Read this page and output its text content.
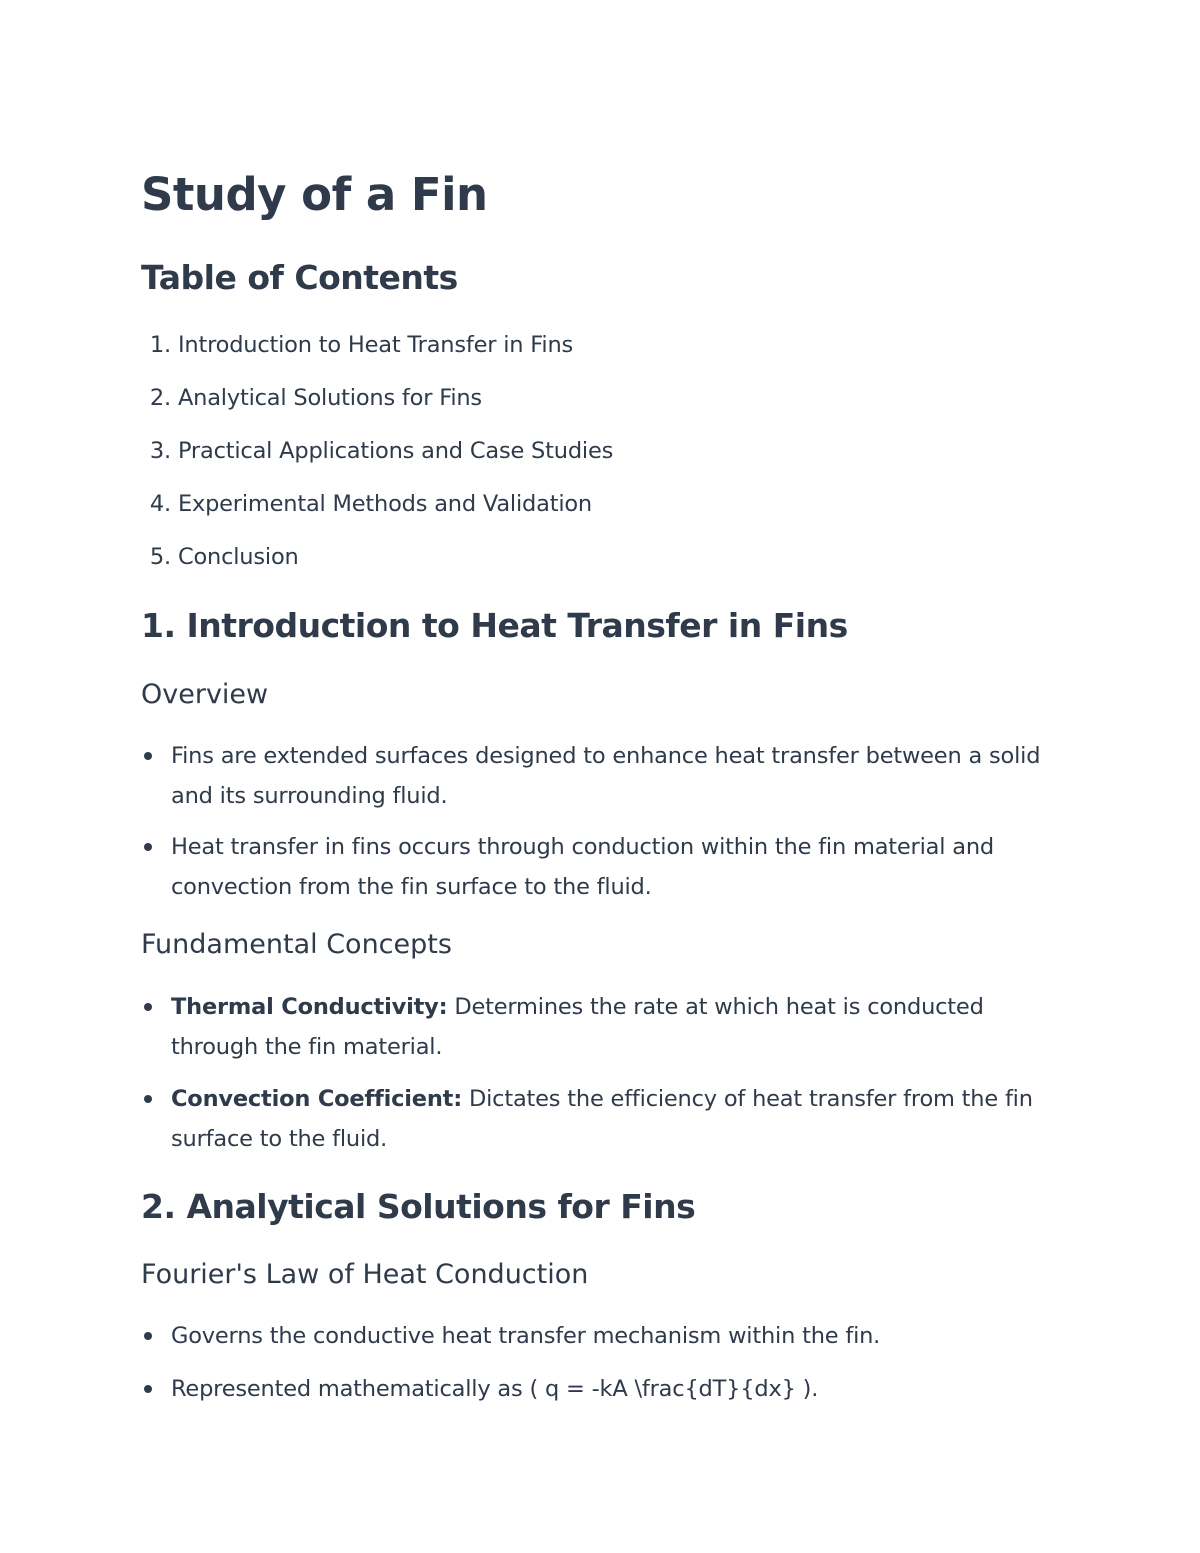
Study of a Fin
Table of Contents
1. Introduction to Heat Transfer in Fins
2. Analytical Solutions for Fins
3. Practical Applications and Case Studies
4. Experimental Methods and Validation
5. Conclusion
1. Introduction to Heat Transfer in Fins
Overview
Fins are extended surfaces designed to enhance heat transfer between a solid and its surrounding fluid.
Heat transfer in fins occurs through conduction within the fin material and convection from the fin surface to the fluid.
Fundamental Concepts
Thermal Conductivity: Determines the rate at which heat is conducted through the fin material.
Convection Coefficient: Dictates the efficiency of heat transfer from the fin surface to the fluid.
2. Analytical Solutions for Fins
Fourier's Law of Heat Conduction
Governs the conductive heat transfer mechanism within the fin.
Represented mathematically as ( q = -kA \frac{dT}{dx} ).
